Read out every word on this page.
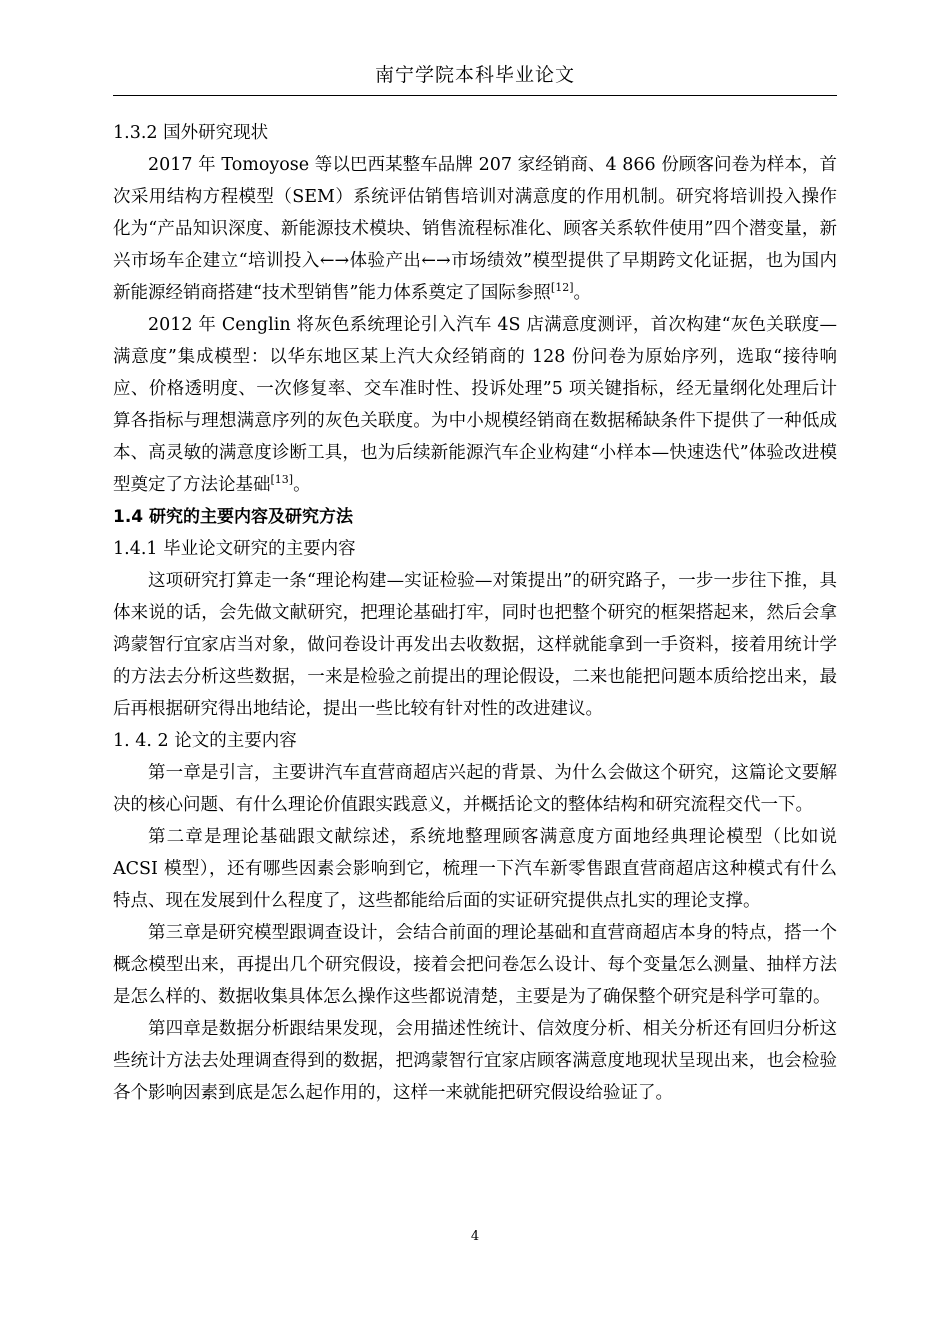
南宁学院本科毕业论文
1.3.2 国外研究现状

2017 年 Tomoyose 等以巴西某整车品牌 207 家经销商、4 866 份顾客问卷为样本，首次采用结构方程模型（SEM）系统评估销售培训对满意度的作用机制。研究将培训投入操作化为“产品知识深度、新能源技术模块、销售流程标准化、顾客关系软件使用”四个潜变量，新兴市场车企建立“培训投入←→体验产出←→市场绩效”模型提供了早期跨文化证据，也为国内新能源经销商搭建“技术型销售”能力体系奠定了国际参照[12]。

2012 年 Cenglin 将灰色系统理论引入汽车 4S 店满意度测评，首次构建“灰色关联度—满意度”集成模型：以华东地区某上汽大众经销商的 128 份问卷为原始序列，选取“接待响应、价格透明度、一次修复率、交车准时性、投诉处理”5 项关键指标，经无量纲化处理后计算各指标与理想满意序列的灰色关联度。为中小规模经销商在数据稀缺条件下提供了一种低成本、高灵敏的满意度诊断工具，也为后续新能源汽车企业构建“小样本—快速迭代”体验改进模型奠定了方法论基础[13]。

1.4 研究的主要内容及研究方法
1.4.1 毕业论文研究的主要内容

这项研究打算走一条“理论构建—实证检验—对策提出”的研究路子，一步一步往下推，具体来说的话，会先做文献研究，把理论基础打牢，同时也把整个研究的框架搭起来，然后会拿鸿蒙智行宜家店当对象，做问卷设计再发出去收数据，这样就能拿到一手资料，接着用统计学的方法去分析这些数据，一来是检验之前提出的理论假设，二来也能把问题本质给挖出来，最后再根据研究得出地结论，提出一些比较有针对性的改进建议。

1. 4. 2 论文的主要内容

第一章是引言，主要讲汽车直营商超店兴起的背景、为什么会做这个研究，这篇论文要解决的核心问题、有什么理论价值跟实践意义，并概括论文的整体结构和研究流程交代一下。

第二章是理论基础跟文献综述，系统地整理顾客满意度方面地经典理论模型（比如说 ACSI 模型），还有哪些因素会影响到它，梳理一下汽车新零售跟直营商超店这种模式有什么特点、现在发展到什么程度了，这些都能给后面的实证研究提供点扎实的理论支撑。

第三章是研究模型跟调查设计，会结合前面的理论基础和直营商超店本身的特点，搭一个概念模型出来，再提出几个研究假设，接着会把问卷怎么设计、每个变量怎么测量、抽样方法是怎么样的、数据收集具体怎么操作这些都说清楚，主要是为了确保整个研究是科学可靠的。

第四章是数据分析跟结果发现，会用描述性统计、信效度分析、相关分析还有回归分析这些统计方法去处理调查得到的数据，把鸿蒙智行宜家店顾客满意度地现状呈现出来，也会检验各个影响因素到底是怎么起作用的，这样一来就能把研究假设给验证了。

4
